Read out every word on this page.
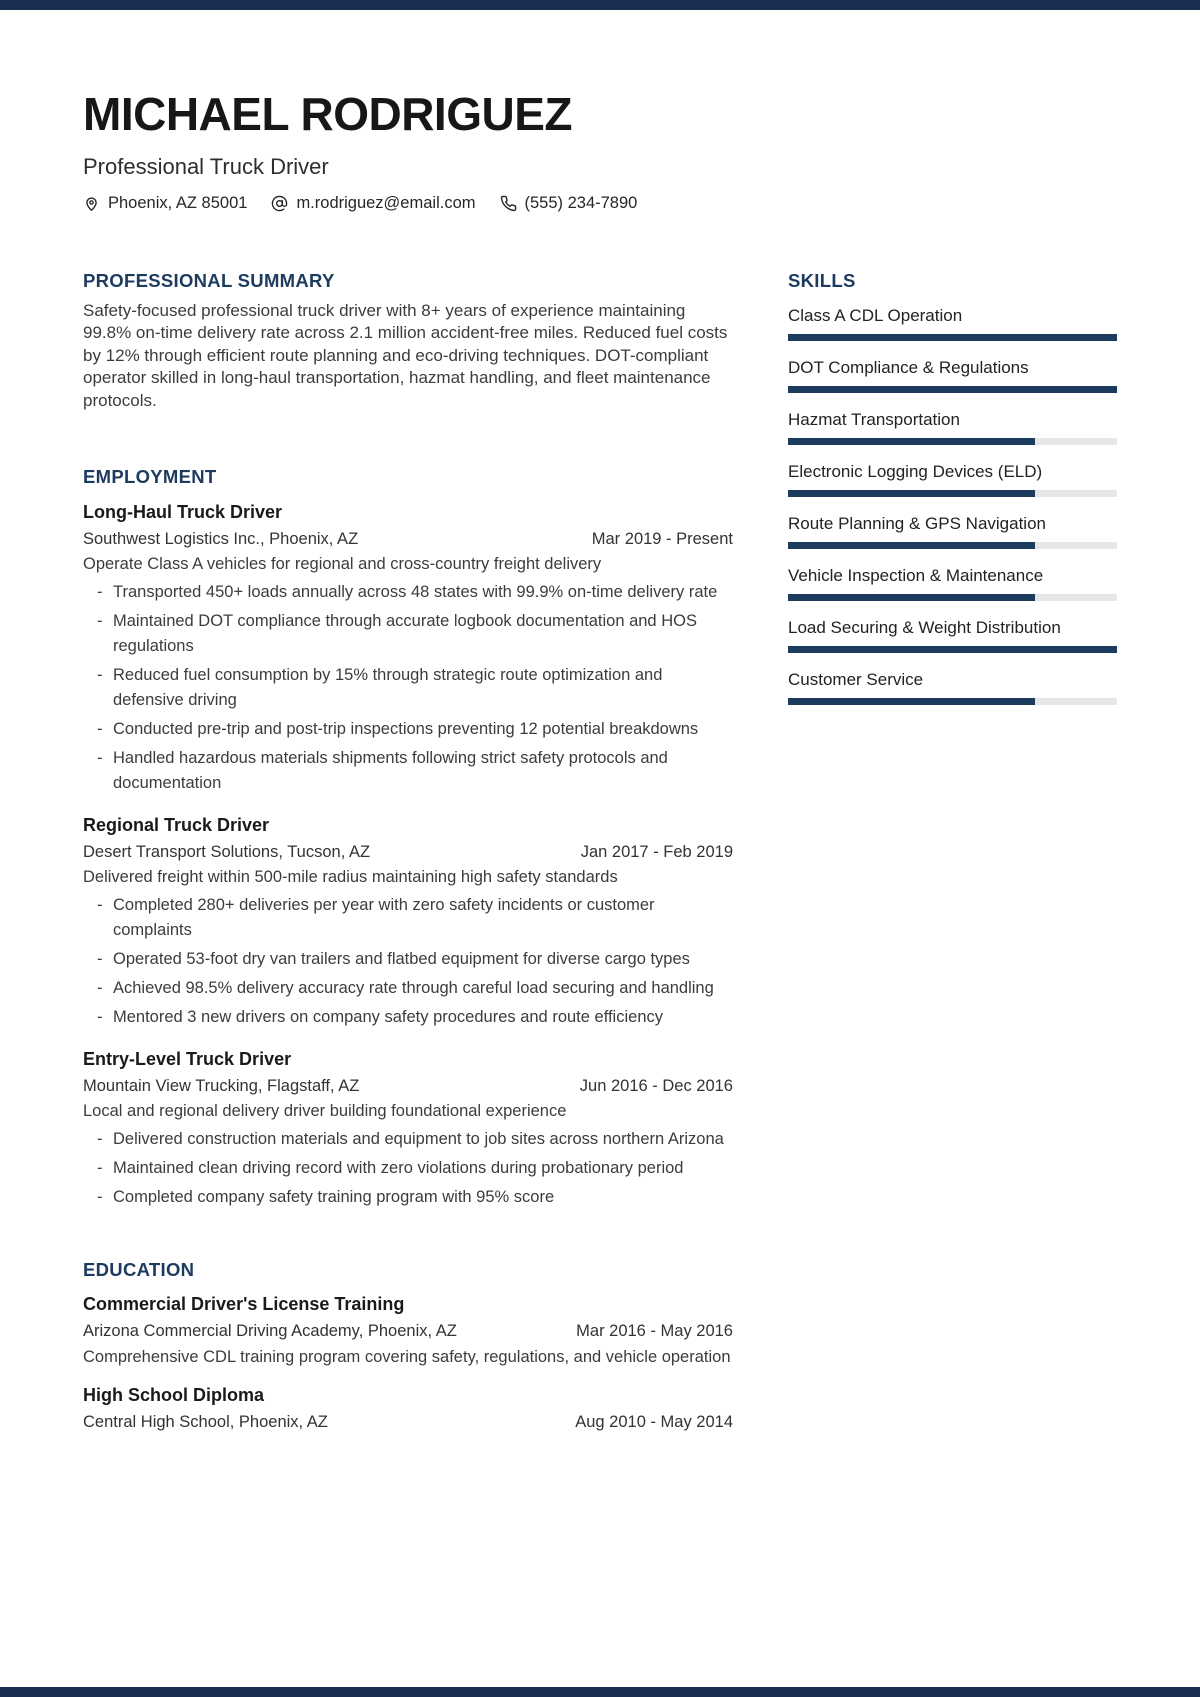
MICHAEL RODRIGUEZ
Professional Truck Driver
Phoenix, AZ 85001	m.rodriguez@email.com	(555) 234-7890
PROFESSIONAL SUMMARY

Safety-focused professional truck driver with 8+ years of experience maintaining 99.8% on-time delivery rate across 2.1 million accident-free miles. Reduced fuel costs by 12% through efficient route planning and eco-driving techniques. DOT-compliant operator skilled in long-haul transportation, hazmat handling, and fleet maintenance protocols.

EMPLOYMENT
Long-Haul Truck Driver
Southwest Logistics Inc., Phoenix, AZ	Mar 2019 - Present
Operate Class A vehicles for regional and cross-country freight delivery
- Transported 450+ loads annually across 48 states with 99.9% on-time delivery rate
- Maintained DOT compliance through accurate logbook documentation and HOS regulations
- Reduced fuel consumption by 15% through strategic route optimization and defensive driving
- Conducted pre-trip and post-trip inspections preventing 12 potential breakdowns
- Handled hazardous materials shipments following strict safety protocols and documentation
Regional Truck Driver
Desert Transport Solutions, Tucson, AZ	Jan 2017 - Feb 2019
Delivered freight within 500-mile radius maintaining high safety standards
- Completed 280+ deliveries per year with zero safety incidents or customer complaints
- Operated 53-foot dry van trailers and flatbed equipment for diverse cargo types
- Achieved 98.5% delivery accuracy rate through careful load securing and handling
- Mentored 3 new drivers on company safety procedures and route efficiency
Entry-Level Truck Driver
Mountain View Trucking, Flagstaff, AZ	Jun 2016 - Dec 2016
Local and regional delivery driver building foundational experience
- Delivered construction materials and equipment to job sites across northern Arizona
- Maintained clean driving record with zero violations during probationary period
- Completed company safety training program with 95% score
EDUCATION
Commercial Driver's License Training
Arizona Commercial Driving Academy, Phoenix, AZ	Mar 2016 - May 2016
Comprehensive CDL training program covering safety, regulations, and vehicle operation
High School Diploma
Central High School, Phoenix, AZ	Aug 2010 - May 2014
SKILLS
Class A CDL Operation
DOT Compliance & Regulations
Hazmat Transportation
Electronic Logging Devices (ELD)
Route Planning & GPS Navigation
Vehicle Inspection & Maintenance
Load Securing & Weight Distribution
Customer Service
